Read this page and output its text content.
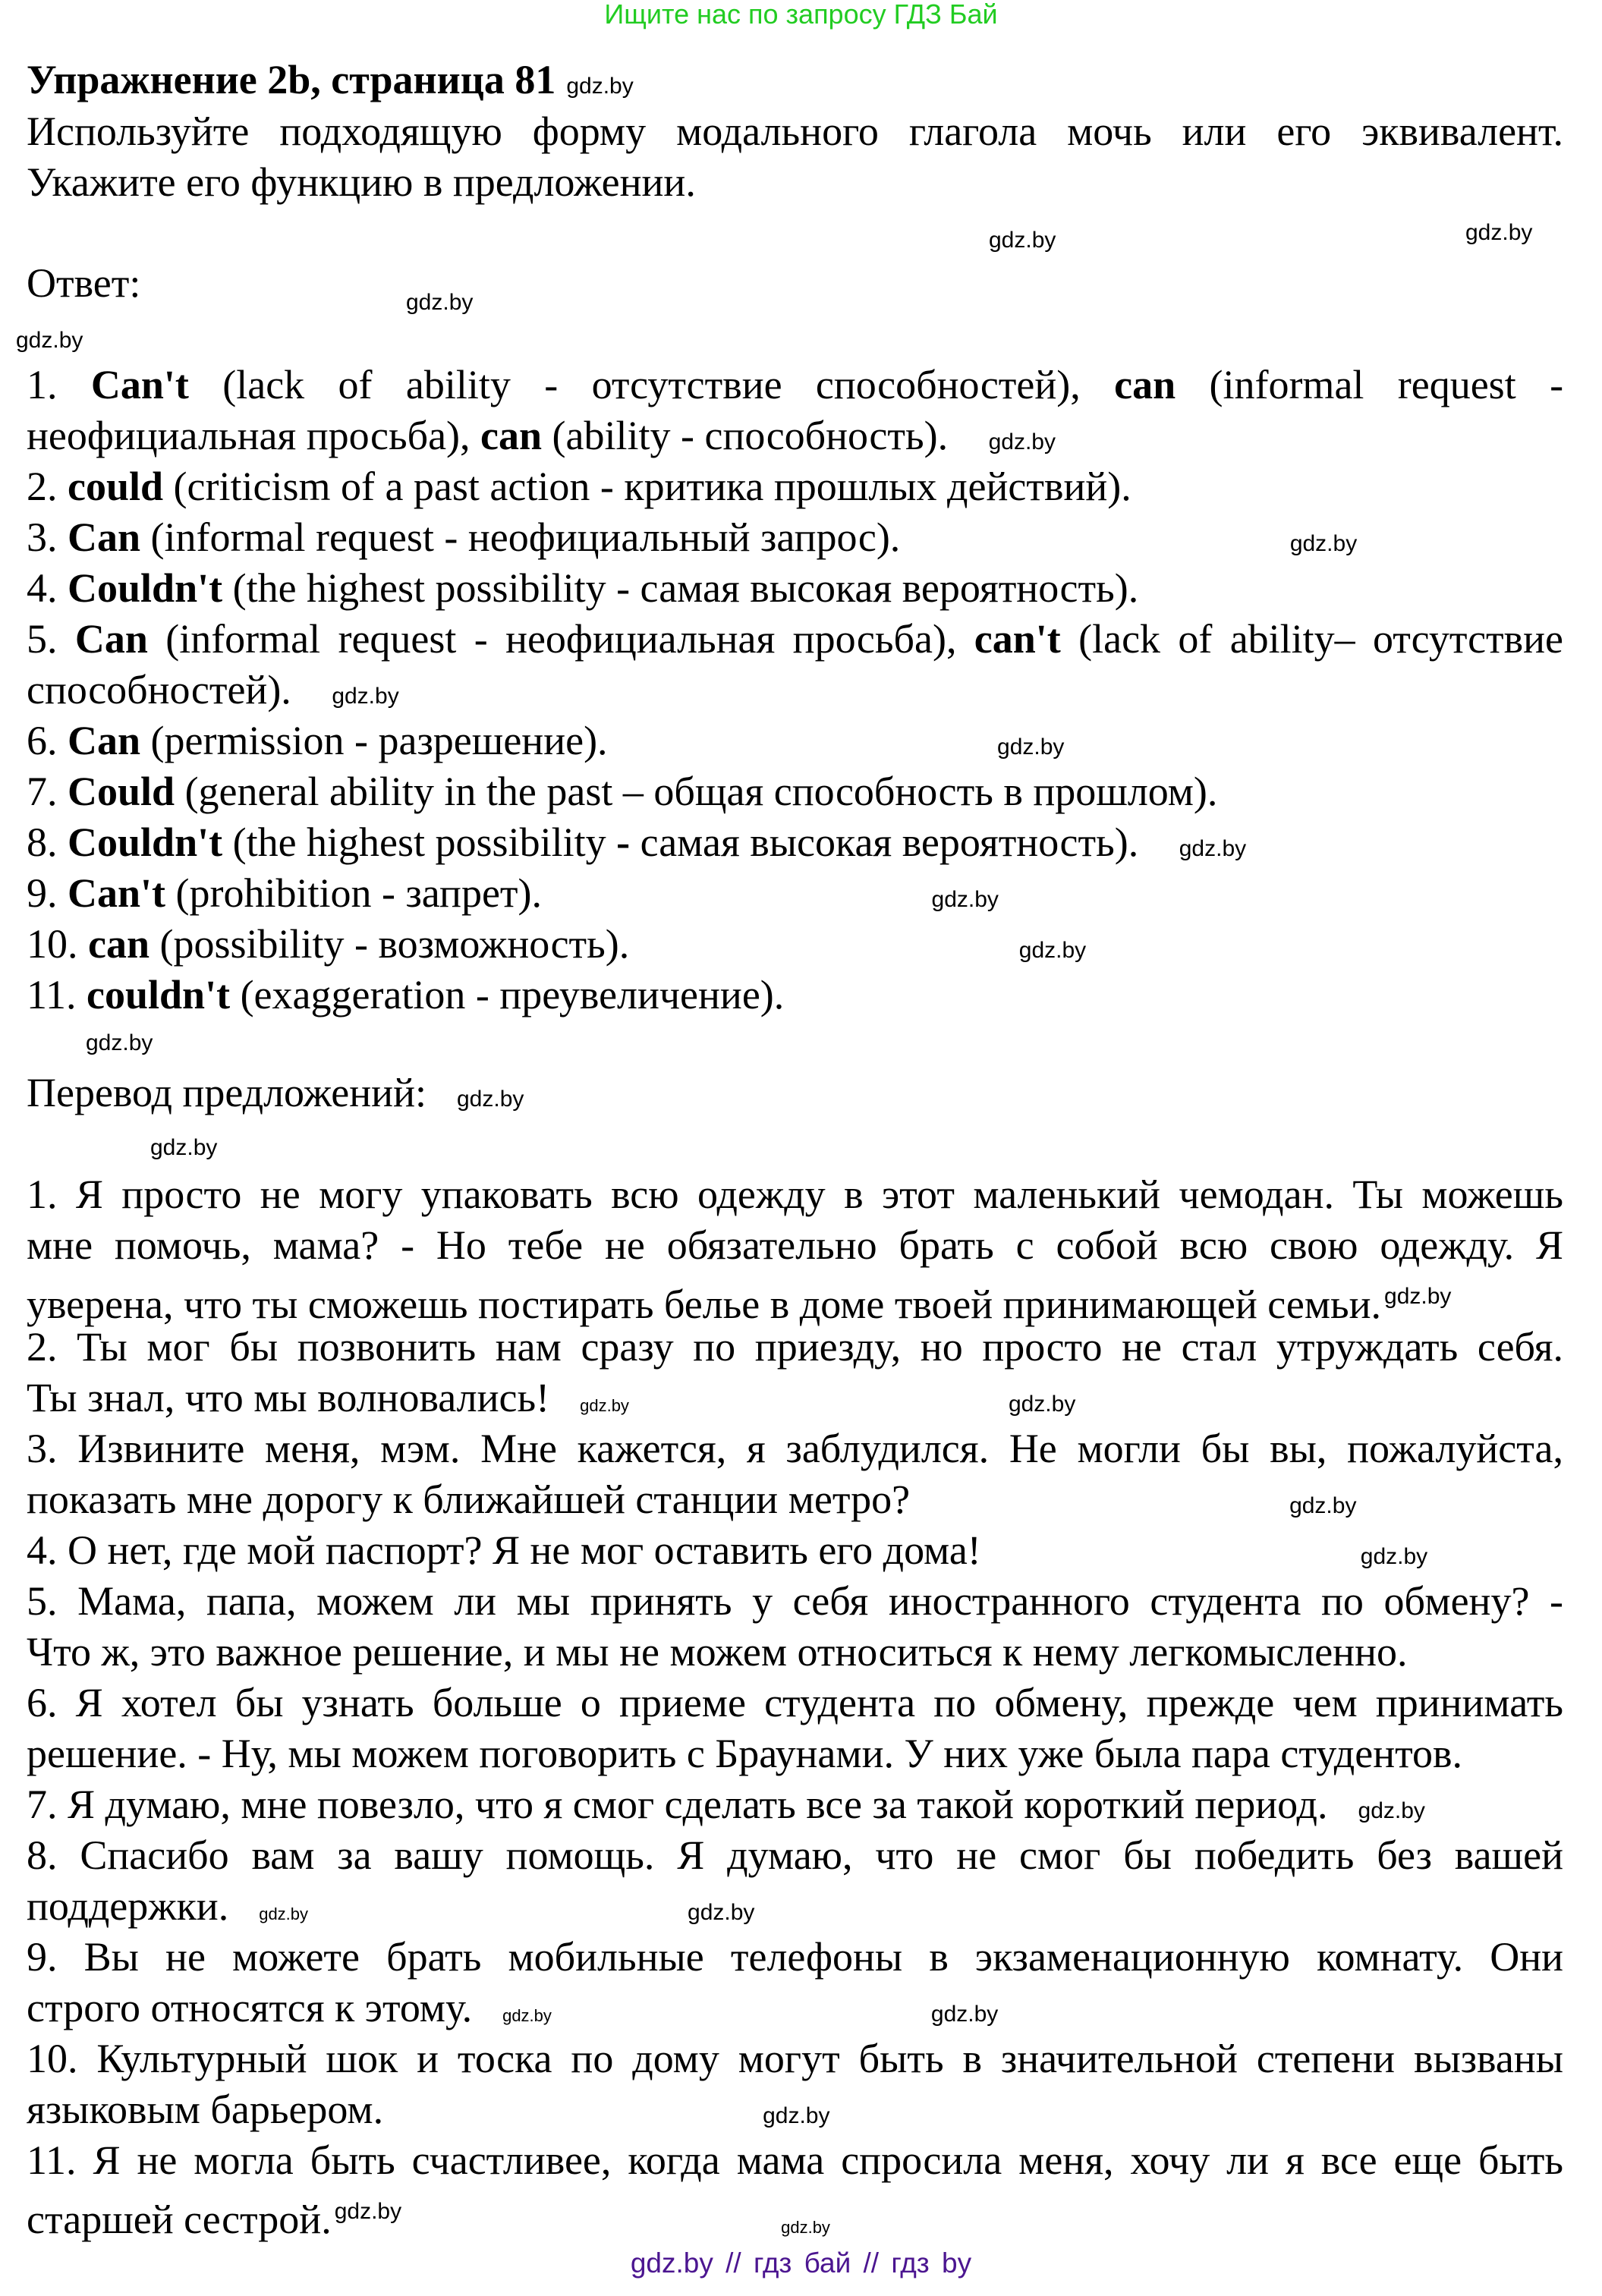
Ищите нас по запросу ГДЗ Бай
Упражнение 2b, страница 81 gdz.by
Используйте подходящую форму модального глагола мочь или его эквивалент.
Укажите его функцию в предложении.
Ответ:
1. Can't (lack of ability - отсутствие способностей), can (informal request -
неофициальная просьба), can (ability - способность). gdz.by
2. could (criticism of a past action - критика прошлых действий).
3. Can (informal request - неофициальный запрос).	gdz.by
4. Couldn't (the highest possibility - самая высокая вероятность).
5. Can (informal request - неофициальная просьба), can't (lack of ability– отсутствие
способностей). gdz.by
6. Can (permission - разрешение).	gdz.by
7. Could (general ability in the past – общая способность в прошлом).
8. Couldn't (the highest possibility - самая высокая вероятность). gdz.by
9. Can't (prohibition - запрет).	gdz.by
10. can (possibility - возможность).	gdz.by
11. couldn't (exaggeration - преувеличение).
Перевод предложений: gdz.by
1. Я просто не могу упаковать всю одежду в этот маленький чемодан. Ты можешь
мне помочь, мама? - Но тебе не обязательно брать с собой всю свою одежду. Я
уверена, что ты сможешь постирать белье в доме твоей принимающей семьи. $^{gdz.by}$
2. Ты мог бы позвонить нам сразу по приезду, но просто не стал утруждать себя.
Ты знал, что мы волновались! gdz.by	gdz.by
3. Извините меня, мэм. Мне кажется, я заблудился. Не могли бы вы, пожалуйста,
показать мне дорогу к ближайшей станции метро?	gdz.by
4. О нет, где мой паспорт? Я не мог оставить его дома!	gdz.by
5. Мама, папа, можем ли мы принять у себя иностранного студента по обмену? -
Что ж, это важное решение, и мы не можем относиться к нему легкомысленно.
6. Я хотел бы узнать больше о приеме студента по обмену, прежде чем принимать
решение. - Ну, мы можем поговорить с Браунами. У них уже была пара студентов.
7. Я думаю, мне повезло, что я смог сделать все за такой короткий период. gdz.by
8. Спасибо вам за вашу помощь. Я думаю, что не смог бы победить без вашей
поддержки. gdz.by	gdz.by
9. Вы не можете брать мобильные телефоны в экзаменационную комнату. Они
строго относятся к этому. gdz.by	gdz.by
10. Культурный шок и тоска по дому могут быть в значительной степени вызваны
языковым барьером.	gdz.by
11. Я не могла быть счастливее, когда мама спросила меня, хочу ли я все еще быть
старшей сестрой. $^{gdz.by}$gdz.by
gdz.by
gdz.by
gdz.by
gdz.by
gdz.by
gdz.by
gdz.by // гдз бай // гдз by
